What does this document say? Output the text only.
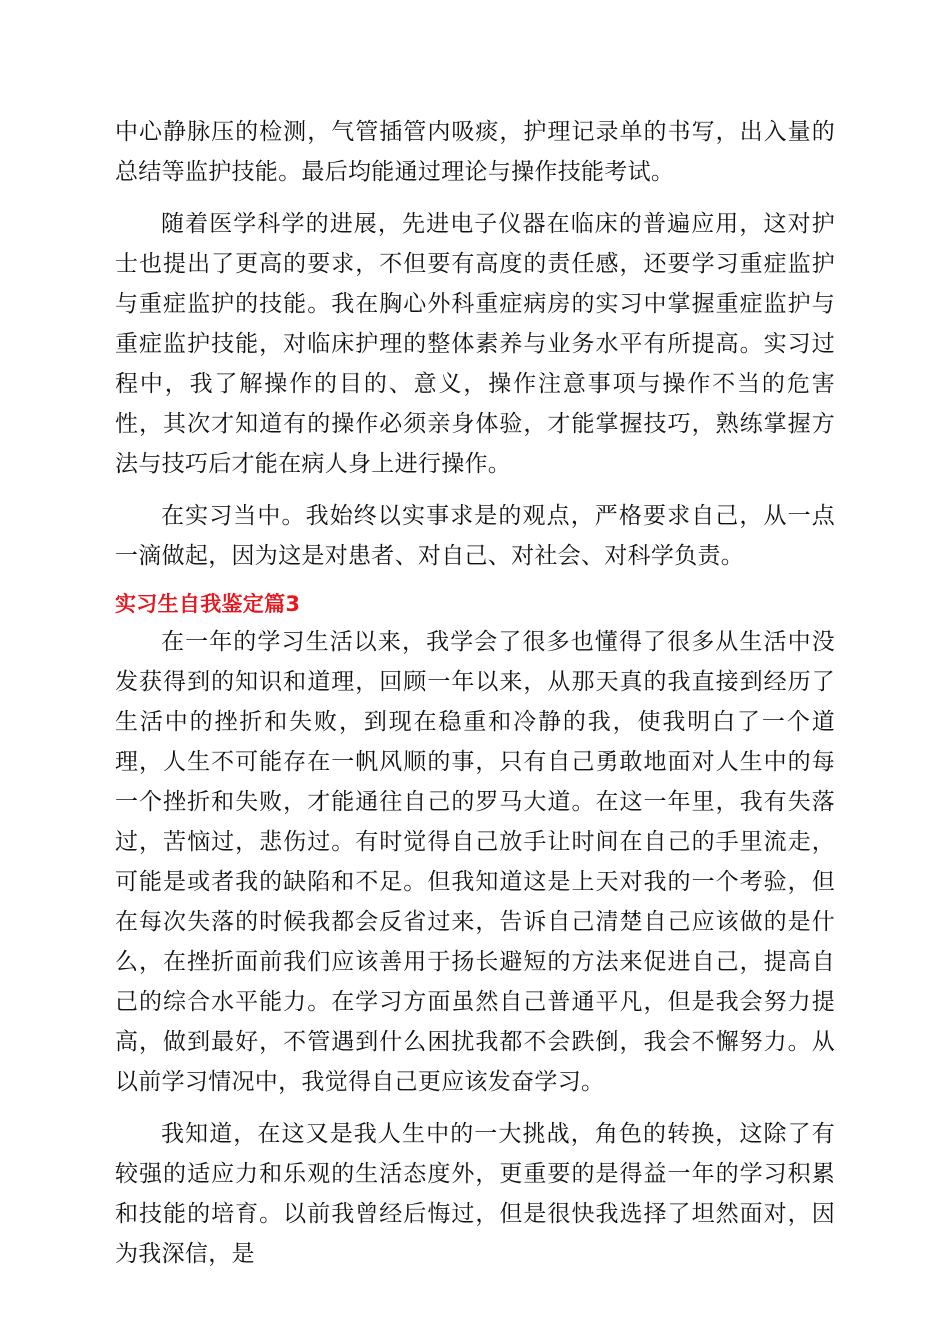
中心静脉压的检测，气管插管内吸痰，护理记录单的书写，出入量的总结等监护技能。最后均能通过理论与操作技能考试。

随着医学科学的进展，先进电子仪器在临床的普遍应用，这对护士也提出了更高的要求，不但要有高度的责任感，还要学习重症监护与重症监护的技能。我在胸心外科重症病房的实习中掌握重症监护与重症监护技能，对临床护理的整体素养与业务水平有所提高。实习过程中，我了解操作的目的、意义，操作注意事项与操作不当的危害性，其次才知道有的操作必须亲身体验，才能掌握技巧，熟练掌握方法与技巧后才能在病人身上进行操作。

在实习当中。我始终以实事求是的观点，严格要求自己，从一点一滴做起，因为这是对患者、对自己、对社会、对科学负责。

实习生自我鉴定篇3

在一年的学习生活以来，我学会了很多也懂得了很多从生活中没发获得到的知识和道理，回顾一年以来，从那天真的我直接到经历了生活中的挫折和失败，到现在稳重和冷静的我，使我明白了一个道理，人生不可能存在一帆风顺的事，只有自己勇敢地面对人生中的每一个挫折和失败，才能通往自己的罗马大道。在这一年里，我有失落过，苦恼过，悲伤过。有时觉得自己放手让时间在自己的手里流走，可能是或者我的缺陷和不足。但我知道这是上天对我的一个考验，但在每次失落的时候我都会反省过来，告诉自己清楚自己应该做的是什么，在挫折面前我们应该善用于扬长避短的方法来促进自己，提高自己的综合水平能力。在学习方面虽然自己普通平凡，但是我会努力提高，做到最好，不管遇到什么困扰我都不会跌倒，我会不懈努力。从以前学习情况中，我觉得自己更应该发奋学习。

我知道，在这又是我人生中的一大挑战，角色的转换，这除了有较强的适应力和乐观的生活态度外，更重要的是得益一年的学习积累和技能的培育。以前我曾经后悔过，但是很快我选择了坦然面对，因为我深信，是
